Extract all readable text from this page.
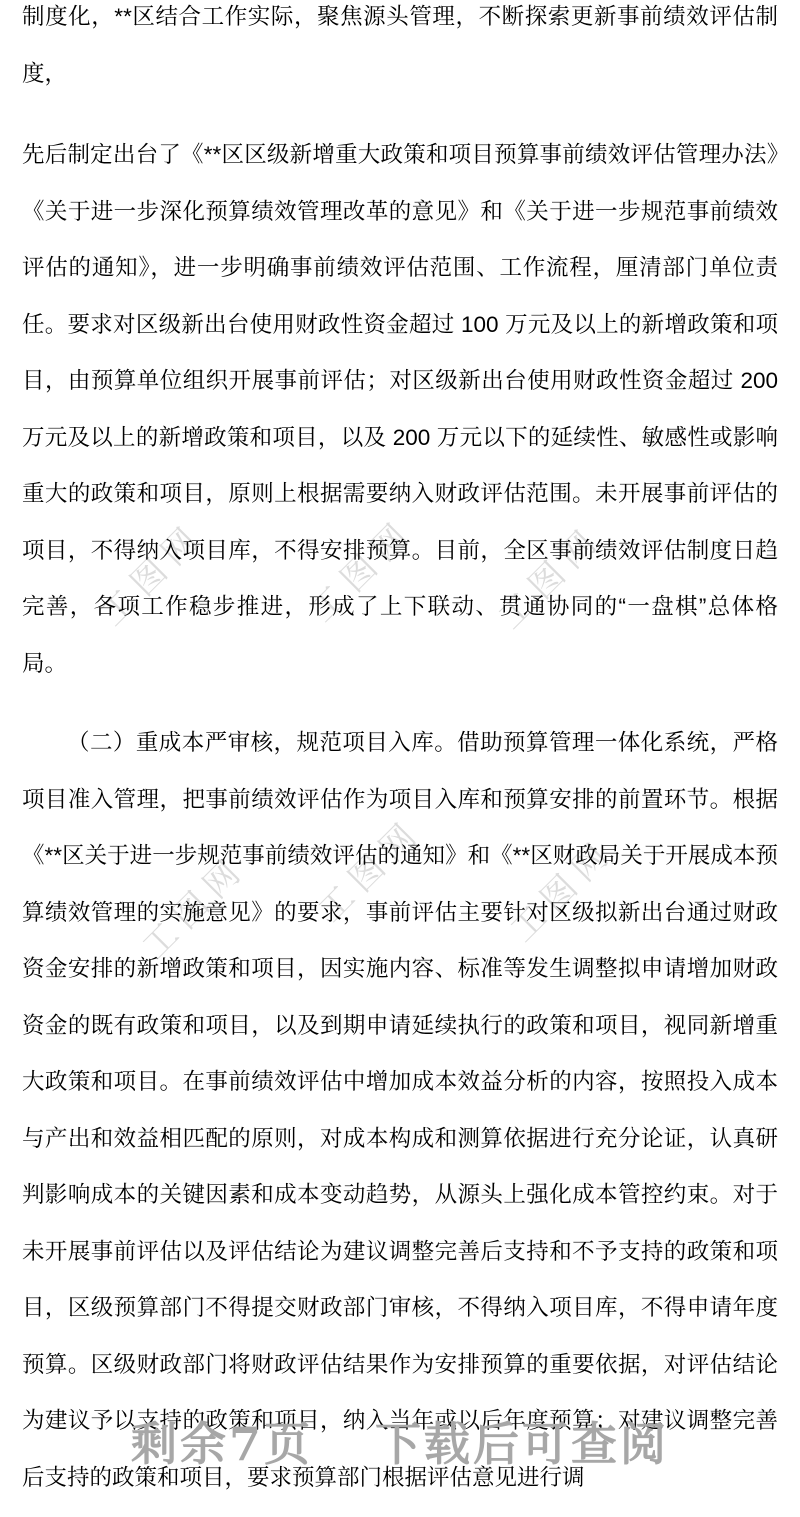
工图网	工图网 工图网
工图网 工图网 工图网

制度化，**区结合工作实际，聚焦源头管理，不断探索更新事前绩效评估制度，

先后制定出台了《**区区级新增重大政策和项目预算事前绩效评估管理办法》《关于进一步深化预算绩效管理改革的意见》和《关于进一步规范事前绩效评估的通知》，进一步明确事前绩效评估范围、工作流程，厘清部门单位责任。要求对区级新出台使用财政性资金超过 100 万元及以上的新增政策和项目，由预算单位组织开展事前评估；对区级新出台使用财政性资金超过 200 万元及以上的新增政策和项目，以及 200 万元以下的延续性、敏感性或影响重大的政策和项目，原则上根据需要纳入财政评估范围。未开展事前评估的项目，不得纳入项目库，不得安排预算。目前，全区事前绩效评估制度日趋完善，各项工作稳步推进，形成了上下联动、贯通协同的“一盘棋”总体格局。

（二）重成本严审核，规范项目入库。借助预算管理一体化系统，严格项目准入管理，把事前绩效评估作为项目入库和预算安排的前置环节。根据《**区关于进一步规范事前绩效评估的通知》和《**区财政局关于开展成本预算绩效管理的实施意见》的要求，事前评估主要针对区级拟新出台通过财政资金安排的新增政策和项目，因实施内容、标准等发生调整拟申请增加财政资金的既有政策和项目，以及到期申请延续执行的政策和项目，视同新增重大政策和项目。在事前绩效评估中增加成本效益分析的内容，按照投入成本与产出和效益相匹配的原则，对成本构成和测算依据进行充分论证，认真研判影响成本的关键因素和成本变动趋势，从源头上强化成本管控约束。对于未开展事前评估以及评估结论为建议调整完善后支持和不予支持的政策和项目，区级预算部门不得提交财政部门审核，不得纳入项目库，不得申请年度预算。区级财政部门将财政评估结果作为安排预算的重要依据，对评估结论为建议予以支持的政策和项目，纳入当年或以后年度预算；对建议调整完善后支持的政策和项目，要求预算部门根据评估意见进行调

剩余7页 下载后可查阅
